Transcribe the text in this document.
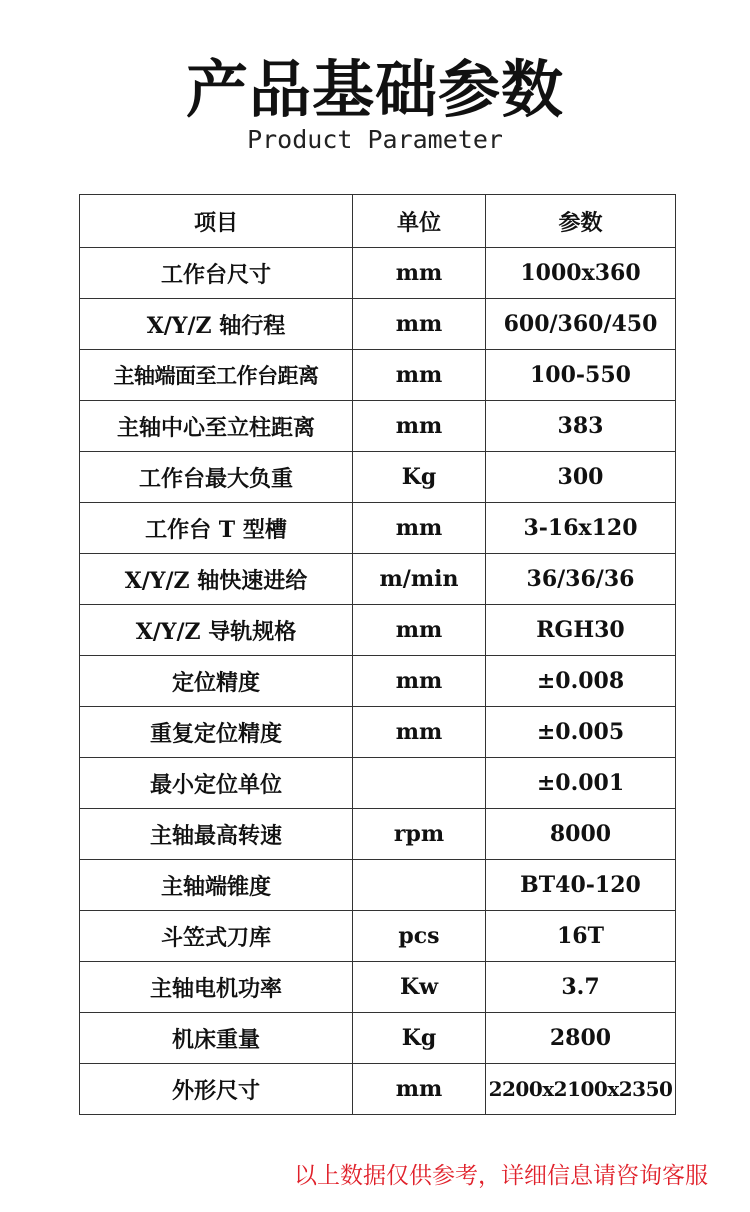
产品基础参数
Product Parameter
项目	单位	参数
工作台尺寸	mm	1000x360
X/Y/Z 轴行程	mm	600/360/450
主轴端面至工作台距离	mm	100-550
主轴中心至立柱距离	mm	383
工作台最大负重	Kg	300
工作台 T 型槽	mm	3-16x120
X/Y/Z 轴快速进给	m/min	36/36/36
X/Y/Z 导轨规格	mm	RGH30
定位精度	mm	±0.008
重复定位精度	mm	±0.005
最小定位单位		±0.001
主轴最高转速	rpm	8000
主轴端锥度		BT40-120
斗笠式刀库	pcs	16T
主轴电机功率	Kw	3.7
机床重量	Kg	2800
外形尺寸	mm	2200x2100x2350
以上数据仅供参考，详细信息请咨询客服
